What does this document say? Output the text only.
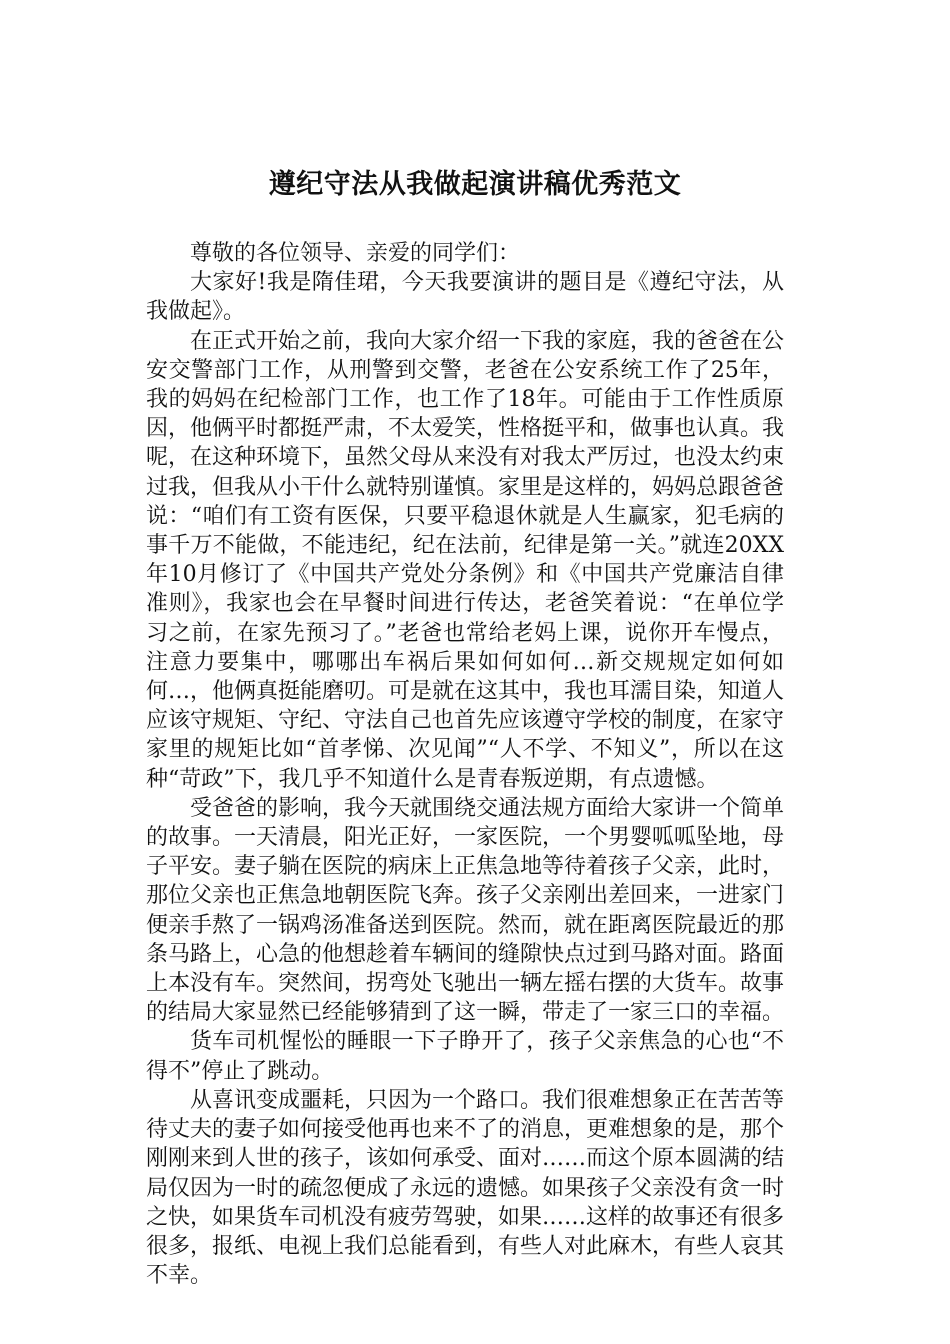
遵纪守法从我做起演讲稿优秀范文

尊敬的各位领导、亲爱的同学们：

大家好!我是隋佳珺，今天我要演讲的题目是《遵纪守法，从我做起》。

在正式开始之前，我向大家介绍一下我的家庭，我的爸爸在公安交警部门工作，从刑警到交警，老爸在公安系统工作了25年，我的妈妈在纪检部门工作，也工作了18年。可能由于工作性质原因，他俩平时都挺严肃，不太爱笑，性格挺平和，做事也认真。我呢，在这种环境下，虽然父母从来没有对我太严厉过，也没太约束过我，但我从小干什么就特别谨慎。家里是这样的，妈妈总跟爸爸说：“咱们有工资有医保，只要平稳退休就是人生赢家，犯毛病的事千万不能做，不能违纪，纪在法前，纪律是第一关。”就连20XX年10月修订了《中国共产党处分条例》和《中国共产党廉洁自律准则》，我家也会在早餐时间进行传达，老爸笑着说：“在单位学习之前，在家先预习了。”老爸也常给老妈上课，说你开车慢点，注意力要集中，哪哪出车祸后果如何如何…新交规规定如何如何…，他俩真挺能磨叨。可是就在这其中，我也耳濡目染，知道人应该守规矩、守纪、守法自己也首先应该遵守学校的制度，在家守家里的规矩比如“首孝悌、次见闻”“人不学、不知义”，所以在这种“苛政”下，我几乎不知道什么是青春叛逆期，有点遗憾。

受爸爸的影响，我今天就围绕交通法规方面给大家讲一个简单的故事。一天清晨，阳光正好，一家医院，一个男婴呱呱坠地，母子平安。妻子躺在医院的病床上正焦急地等待着孩子父亲，此时，那位父亲也正焦急地朝医院飞奔。孩子父亲刚出差回来，一进家门便亲手熬了一锅鸡汤准备送到医院。然而，就在距离医院最近的那条马路上，心急的他想趁着车辆间的缝隙快点过到马路对面。路面上本没有车。突然间，拐弯处飞驰出一辆左摇右摆的大货车。故事的结局大家显然已经能够猜到了这一瞬，带走了一家三口的幸福。

货车司机惺忪的睡眼一下子睁开了，孩子父亲焦急的心也“不得不”停止了跳动。

从喜讯变成噩耗，只因为一个路口。我们很难想象正在苦苦等待丈夫的妻子如何接受他再也来不了的消息，更难想象的是，那个刚刚来到人世的孩子，该如何承受、面对……而这个原本圆满的结局仅因为一时的疏忽便成了永远的遗憾。如果孩子父亲没有贪一时之快，如果货车司机没有疲劳驾驶，如果……这样的故事还有很多很多，报纸、电视上我们总能看到，有些人对此麻木，有些人哀其不幸。
